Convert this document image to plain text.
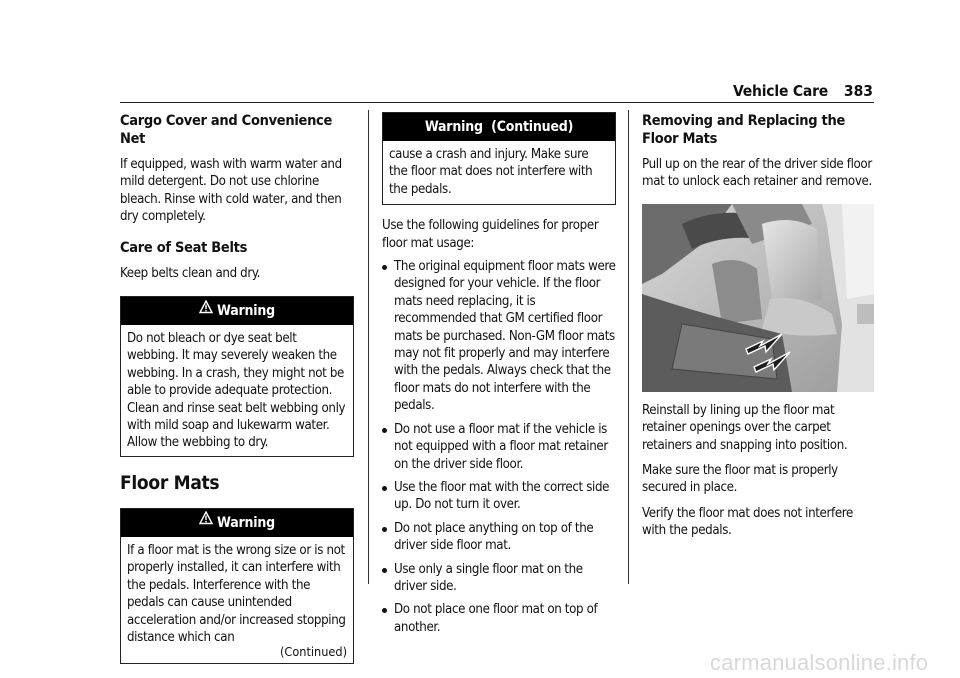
Vehicle Care 383
Cargo Cover and Convenience Net

If equipped, wash with warm water and mild detergent. Do not use chlorine bleach. Rinse with cold water, and then dry completely.

Care of Seat Belts

Keep belts clean and dry.

Warning

Do not bleach or dye seat belt webbing. It may severely weaken the webbing. In a crash, they might not be able to provide adequate protection. Clean and rinse seat belt webbing only with mild soap and lukewarm water. Allow the webbing to dry.

Floor Mats
Warning

If a floor mat is the wrong size or is not properly installed, it can interfere with the pedals. Interference with the pedals can cause unintended acceleration and/or increased stopping distance which can

(Continued)
Warning  (Continued)

cause a crash and injury. Make sure the floor mat does not interfere with the pedals.

Use the following guidelines for proper floor mat usage:

The original equipment floor mats were designed for your vehicle. If the floor mats need replacing, it is recommended that GM certified floor mats be purchased. Non-GM floor mats may not fit properly and may interfere with the pedals. Always check that the floor mats do not interfere with the pedals.
Do not use a floor mat if the vehicle is not equipped with a floor mat retainer on the driver side floor.
Use the floor mat with the correct side up. Do not turn it over.
Do not place anything on top of the driver side floor mat.
Use only a single floor mat on the driver side.
Do not place one floor mat on top of another.
Removing and Replacing the Floor Mats

Pull up on the rear of the driver side floor mat to unlock each retainer and remove.

Reinstall by lining up the floor mat retainer openings over the carpet retainers and snapping into position.

Make sure the floor mat is properly secured in place.

Verify the floor mat does not interfere with the pedals.

carmanualsonline.info
